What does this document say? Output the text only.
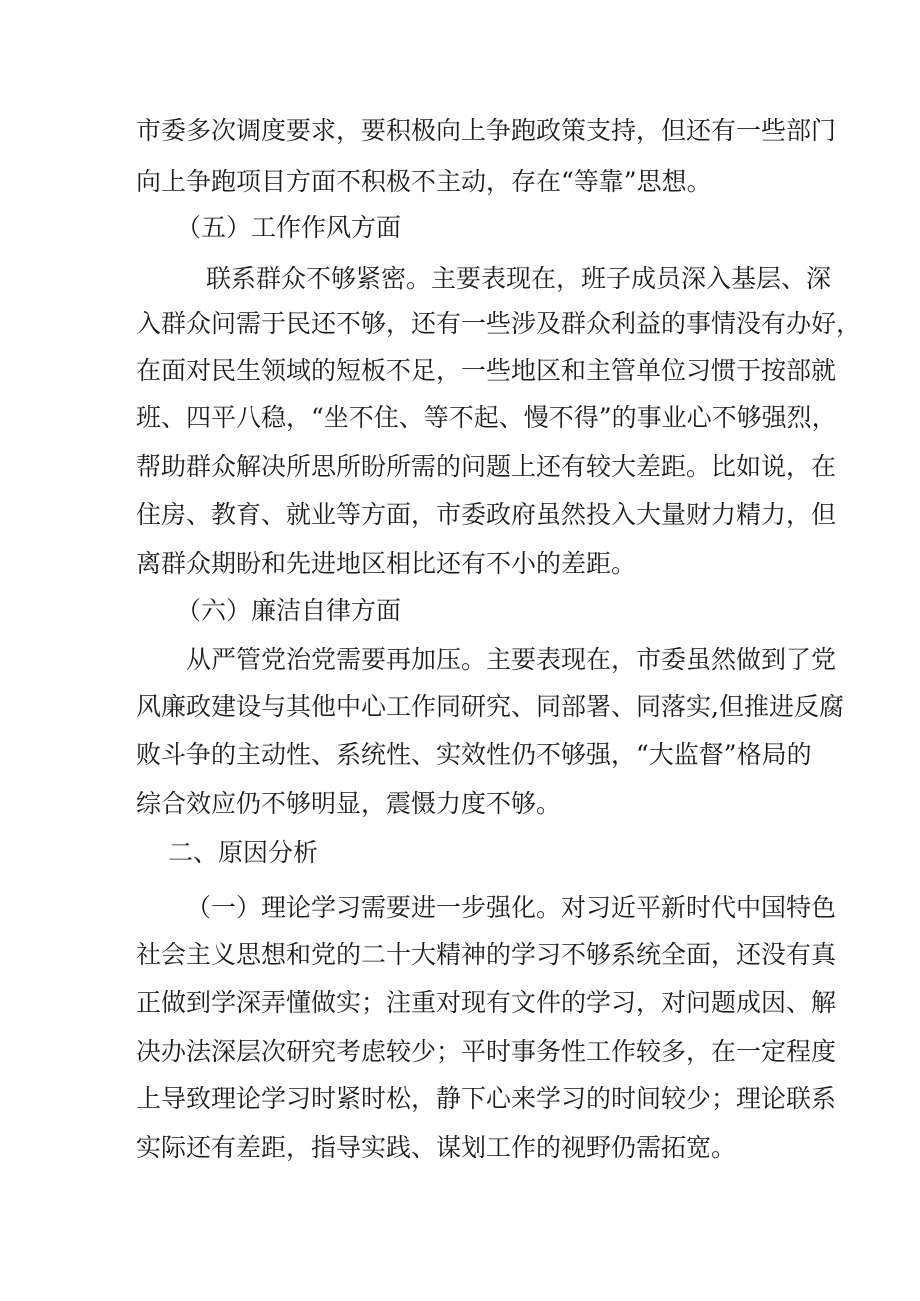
市委多次调度要求，要积极向上争跑政策支持，但还有一些部门
向上争跑项目方面不积极不主动，存在“等靠”思想。
（五）工作作风方面
联系群众不够紧密。主要表现在，班子成员深入基层、深
入群众问需于民还不够，还有一些涉及群众利益的事情没有办好，
在面对民生领域的短板不足，一些地区和主管单位习惯于按部就
班、四平八稳，“坐不住、等不起、慢不得”的事业心不够强烈，
帮助群众解决所思所盼所需的问题上还有较大差距。比如说，在
住房、教育、就业等方面，市委政府虽然投入大量财力精力，但
离群众期盼和先进地区相比还有不小的差距。
（六）廉洁自律方面
从严管党治党需要再加压。主要表现在，市委虽然做到了党
风廉政建设与其他中心工作同研究、同部署、同落实,但推进反腐
败斗争的主动性、系统性、实效性仍不够强，“大监督”格局的
综合效应仍不够明显，震慑力度不够。
二、原因分析
（一）理论学习需要进一步强化。对习近平新时代中国特色
社会主义思想和党的二十大精神的学习不够系统全面，还没有真
正做到学深弄懂做实；注重对现有文件的学习，对问题成因、解
决办法深层次研究考虑较少；平时事务性工作较多，在一定程度
上导致理论学习时紧时松，静下心来学习的时间较少；理论联系
实际还有差距，指导实践、谋划工作的视野仍需拓宽。
